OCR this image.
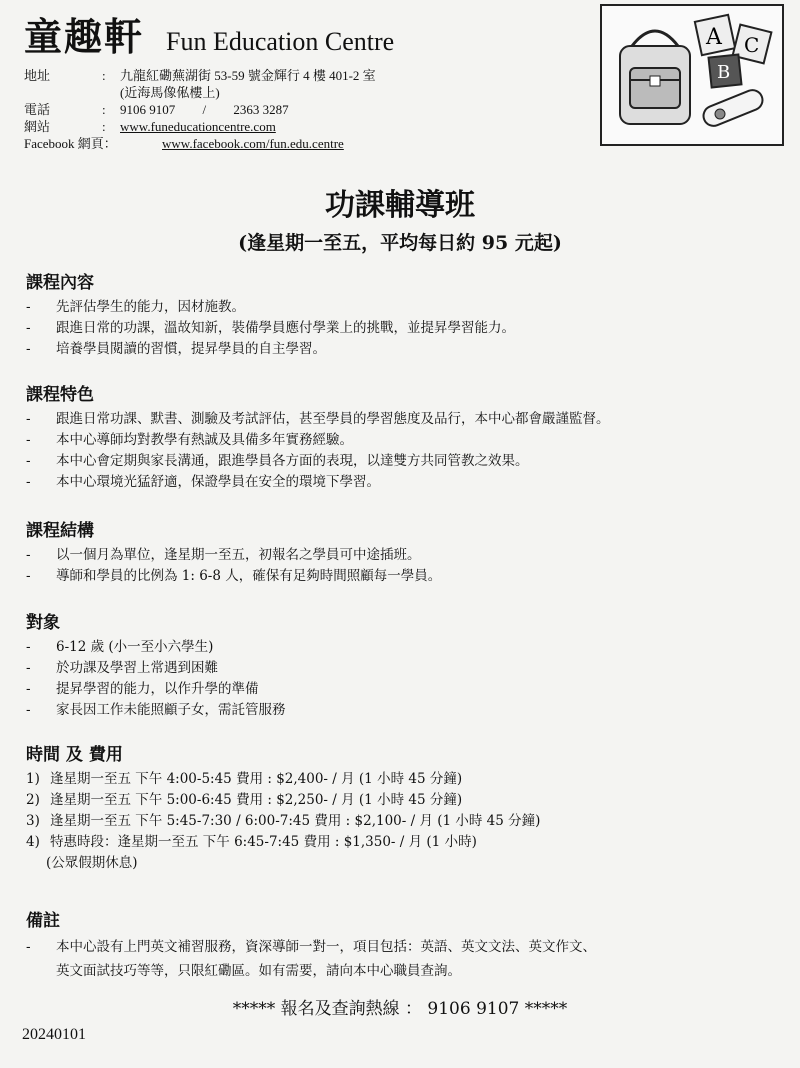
童趣軒 Fun Education Centre
地址	:	九龍紅磡蕪湖街 53-59 號金輝行 4 樓 401-2 室
(近海馬像俬樓上)
電話	:	9106 9107 / 2363 3287
網站	:	www.funeducationcentre.com
Facebook 網頁：	www.facebook.com/fun.edu.centre
A C
B
功課輔導班
(逢星期一至五，平均每日約 95 元起)
課程內容
-	先評估學生的能力，因材施教。
-	跟進日常的功課，溫故知新，裝備學員應付學業上的挑戰，並提昇學習能力。
-	培養學員閱讀的習慣，提昇學員的自主學習。
課程特色
-	跟進日常功課、默書、測驗及考試評估，甚至學員的學習態度及品行，本中心都會嚴謹監督。
-	本中心導師均對教學有熱誠及具備多年實務經驗。
-	本中心會定期與家長溝通，跟進學員各方面的表現，以達雙方共同管教之效果。
-	本中心環境光猛舒適，保證學員在安全的環境下學習。
課程結構
-	以一個月為單位，逢星期一至五，初報名之學員可中途插班。
-	導師和學員的比例為 1: 6-8 人，確保有足夠時間照顧每一學員。
對象
-	6-12 歲 (小一至小六學生)
-	於功課及學習上常遇到困難
-	提昇學習的能力，以作升學的準備
-	家長因工作未能照顧子女，需託管服務
時間 及 費用
1) 逢星期一至五 下午 4:00-5:45 費用 : $2,400- / 月 (1 小時 45 分鐘)
2) 逢星期一至五 下午 5:00-6:45 費用 : $2,250- / 月 (1 小時 45 分鐘)
3) 逢星期一至五 下午 5:45-7:30 / 6:00-7:45 費用 : $2,100- / 月 (1 小時 45 分鐘)
4) 特惠時段：逢星期一至五 下午 6:45-7:45 費用 : $1,350- / 月 (1 小時)
(公眾假期休息)
備註
-	本中心設有上門英文補習服務，資深導師一對一，項目包括：英語、英文文法、英文作文、
英文面試技巧等等，只限紅磡區。如有需要，請向本中心職員查詢。
***** 報名及查詢熱線 ： 9106 9107 *****
20240101
